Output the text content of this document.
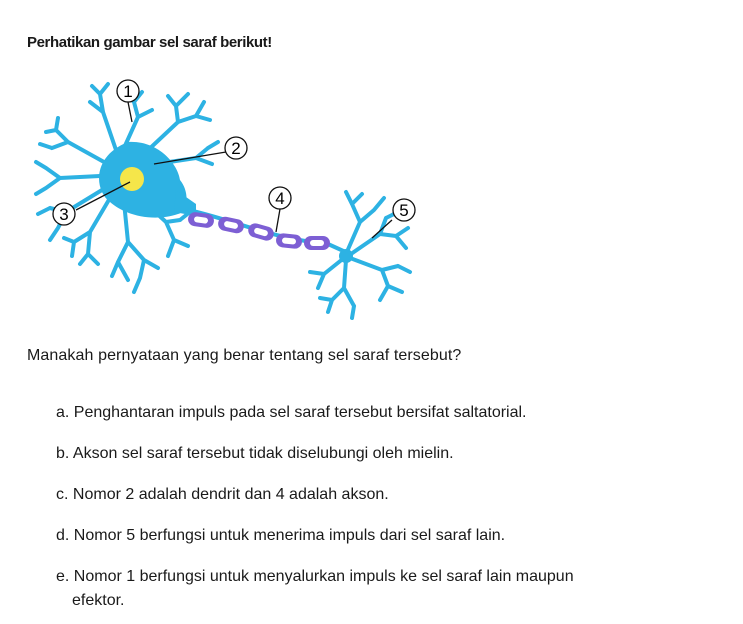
Perhatikan gambar sel saraf berikut!
1
2
3
4
5
Manakah pernyataan yang benar tentang sel saraf tersebut?
a. Penghantaran impuls pada sel saraf tersebut bersifat saltatorial.
b. Akson sel saraf tersebut tidak diselubungi oleh mielin.
c. Nomor 2 adalah dendrit dan 4 adalah akson.
d. Nomor 5 berfungsi untuk menerima impuls dari sel saraf lain.
e. Nomor 1 berfungsi untuk menyalurkan impuls ke sel saraf lain maupun
efektor.
